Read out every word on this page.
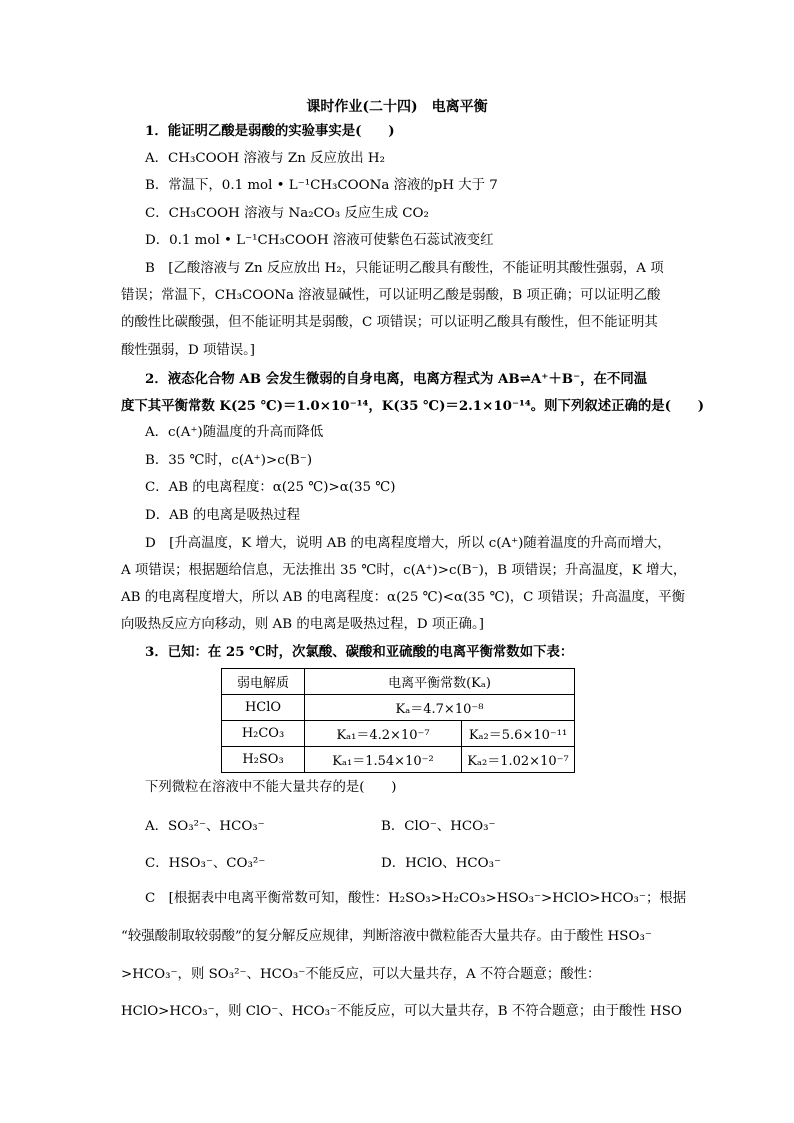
课时作业(二十四)　电离平衡
1．能证明乙酸是弱酸的实验事实是(　　)
A．CH₃COOH 溶液与 Zn 反应放出 H₂
B．常温下，0.1 mol • L⁻¹CH₃COONa 溶液的pH 大于 7
C．CH₃COOH 溶液与 Na₂CO₃ 反应生成 CO₂
D．0.1 mol • L⁻¹CH₃COOH 溶液可使紫色石蕊试液变红
B　[乙酸溶液与 Zn 反应放出 H₂，只能证明乙酸具有酸性，不能证明其酸性强弱，A 项
错误；常温下，CH₃COONa 溶液显碱性，可以证明乙酸是弱酸，B 项正确；可以证明乙酸
的酸性比碳酸强，但不能证明其是弱酸，C 项错误；可以证明乙酸具有酸性，但不能证明其
酸性强弱，D 项错误。]
2．液态化合物 AB 会发生微弱的自身电离，电离方程式为 AB⇌A⁺＋B⁻，在不同温
度下其平衡常数 K(25 ℃)＝1.0×10⁻¹⁴，K(35 ℃)＝2.1×10⁻¹⁴。则下列叙述正确的是(　　)
A．c(A⁺)随温度的升高而降低
B．35 ℃时，c(A⁺)>c(B⁻)
C．AB 的电离程度：α(25 ℃)>α(35 ℃)
D．AB 的电离是吸热过程
D　[升高温度，K 增大，说明 AB 的电离程度增大，所以 c(A⁺)随着温度的升高而增大，
A 项错误；根据题给信息，无法推出 35 ℃时，c(A⁺)>c(B⁻)，B 项错误；升高温度，K 增大，
AB 的电离程度增大，所以 AB 的电离程度：α(25 ℃)<α(35 ℃)，C 项错误；升高温度，平衡
向吸热反应方向移动，则 AB 的电离是吸热过程，D 项正确。]
3．已知：在 25 ℃时，次氯酸、碳酸和亚硫酸的电离平衡常数如下表：
弱电解质	电离平衡常数(Kₐ)	
HClO	Kₐ＝4.7×10⁻⁸	
H₂CO₃	Kₐ₁＝4.2×10⁻⁷	Kₐ₂＝5.6×10⁻¹¹
H₂SO₃	Kₐ₁＝1.54×10⁻²	Kₐ₂＝1.02×10⁻⁷
下列微粒在溶液中不能大量共存的是(　　)
A．SO₃²⁻、HCO₃⁻	B．ClO⁻、HCO₃⁻
C．HSO₃⁻、CO₃²⁻	D．HClO、HCO₃⁻
C　[根据表中电离平衡常数可知，酸性：H₂SO₃>H₂CO₃>HSO₃⁻>HClO>HCO₃⁻；根据
“较强酸制取较弱酸”的复分解反应规律，判断溶液中微粒能否大量共存。由于酸性 HSO₃⁻
>HCO₃⁻，则 SO₃²⁻、HCO₃⁻不能反应，可以大量共存，A 不符合题意；酸性：
HClO>HCO₃⁻，则 ClO⁻、HCO₃⁻不能反应，可以大量共存，B 不符合题意；由于酸性 HSO
